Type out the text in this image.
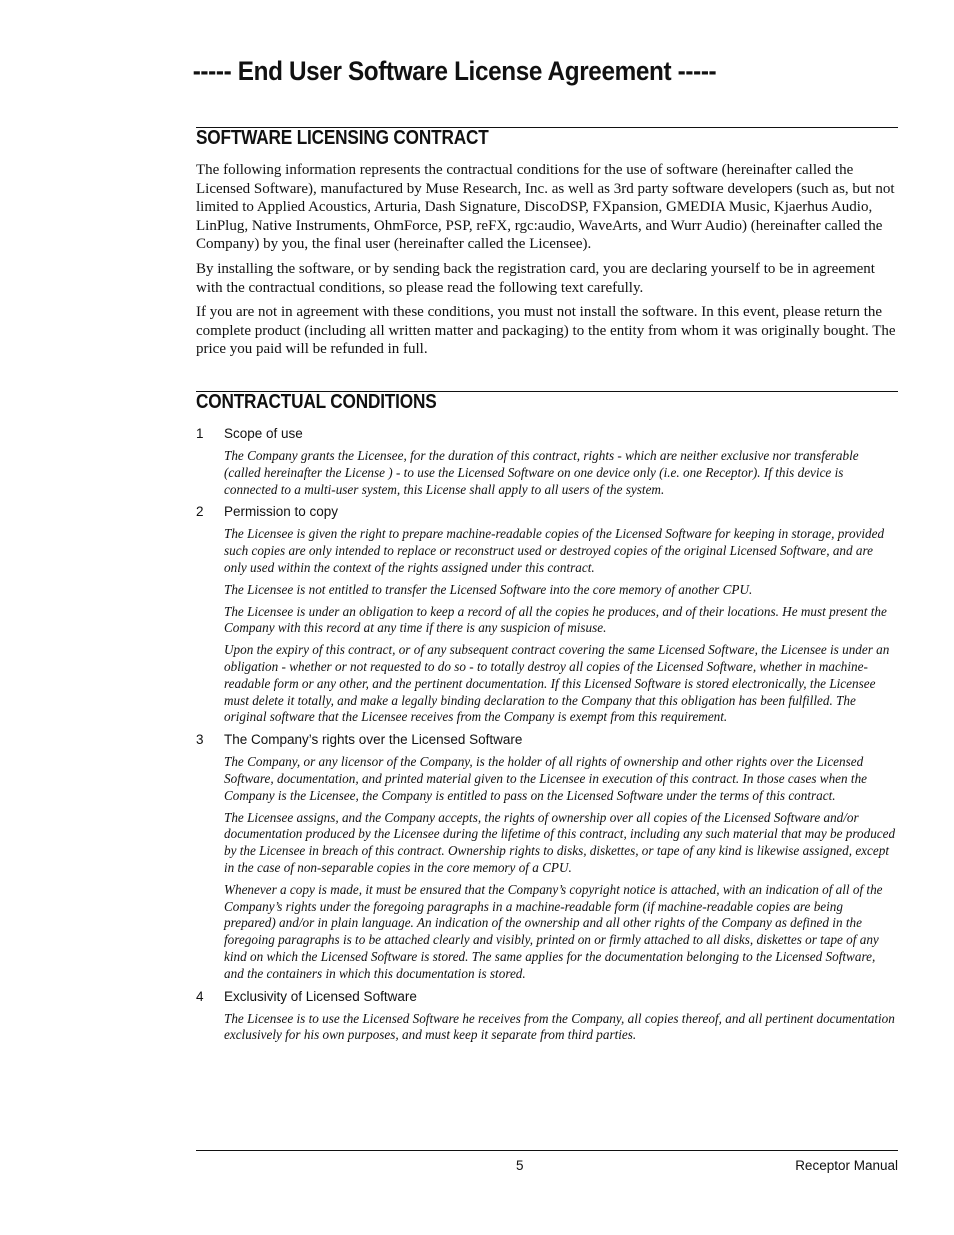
----- End User Software License Agreement -----
SOFTWARE LICENSING CONTRACT

The following information represents the contractual conditions for the use of software (hereinafter called the Licensed Software), manufactured by Muse Research, Inc. as well as 3rd party software developers (such as, but not limited to Applied Acoustics, Arturia, Dash Signature, DiscoDSP, FXpansion, GMEDIA Music, Kjaerhus Audio, LinPlug, Native Instruments, OhmForce, PSP, reFX, rgc:audio, WaveArts, and Wurr Audio) (hereinafter called the Company) by you, the final user (hereinafter called the Licensee).

By installing the software, or by sending back the registration card, you are declaring yourself to be in agreement with the contractual conditions, so please read the following text carefully.

If you are not in agreement with these conditions, you must not install the software. In this event, please return the complete product (including all written matter and packaging) to the entity from whom it was originally bought. The price you paid will be refunded in full.

CONTRACTUAL CONDITIONS
1 Scope of use

The Company grants the Licensee, for the duration of this contract, rights - which are neither exclusive nor transferable (called hereinafter the License ) - to use the Licensed Software on one device only (i.e. one Receptor). If this device is connected to a multi-user system, this License shall apply to all users of the system.

2 Permission to copy

The Licensee is given the right to prepare machine-readable copies of the Licensed Software for keeping in storage, provided such copies are only intended to replace or reconstruct used or destroyed copies of the original Licensed Software, and are only used within the context of the rights assigned under this contract.

The Licensee is not entitled to transfer the Licensed Software into the core memory of another CPU.

The Licensee is under an obligation to keep a record of all the copies he produces, and of their locations. He must present the Company with this record at any time if there is any suspicion of misuse.

Upon the expiry of this contract, or of any subsequent contract covering the same Licensed Software, the Licensee is under an obligation - whether or not requested to do so - to totally destroy all copies of the Licensed Software, whether in machine-readable form or any other, and the pertinent documentation. If this Licensed Software is stored electronically, the Licensee must delete it totally, and make a legally binding declaration to the Company that this obligation has been fulfilled. The original software that the Licensee receives from the Company is exempt from this requirement.

3 The Company’s rights over the Licensed Software

The Company, or any licensor of the Company, is the holder of all rights of ownership and other rights over the Licensed Software, documentation, and printed material given to the Licensee in execution of this contract. In those cases when the Company is the Licensee, the Company is entitled to pass on the Licensed Software under the terms of this contract.

The Licensee assigns, and the Company accepts, the rights of ownership over all copies of the Licensed Software and/or documentation produced by the Licensee during the lifetime of this contract, including any such material that may be produced by the Licensee in breach of this contract. Ownership rights to disks, diskettes, or tape of any kind is likewise assigned, except in the case of non-separable copies in the core memory of a CPU.

Whenever a copy is made, it must be ensured that the Company’s copyright notice is attached, with an indication of all of the Company’s rights under the foregoing paragraphs in a machine-readable form (if machine-readable copies are being prepared) and/or in plain language. An indication of the ownership and all other rights of the Company as defined in the foregoing paragraphs is to be attached clearly and visibly, printed on or firmly attached to all disks, diskettes or tape of any kind on which the Licensed Software is stored. The same applies for the documentation belonging to the Licensed Software, and the containers in which this documentation is stored.

4 Exclusivity of Licensed Software

The Licensee is to use the Licensed Software he receives from the Company, all copies thereof, and all pertinent documentation exclusively for his own purposes, and must keep it separate from third parties.

5	Receptor Manual
